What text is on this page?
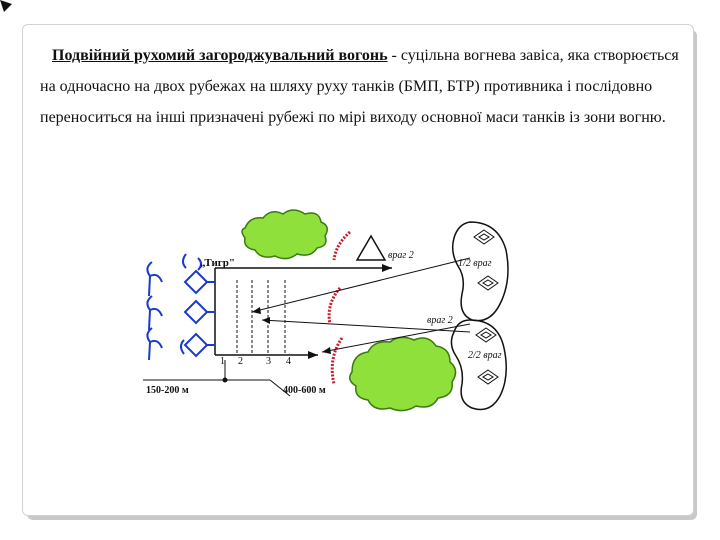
Подвійний рухомий загороджувальний вогонь - суцільна вогнева завіса, яка створюється на одночасно на двох рубежах на шляху руху танків (БМП, БТР) противника і послідовно переноситься на інші призначені рубежі по мірі виходу основної маси танків із зони вогню.

„Тигр"
враг 2
1/2 враг
враг 2
2/2 враг
1 2 3 4
150-200 м	400-600 м
